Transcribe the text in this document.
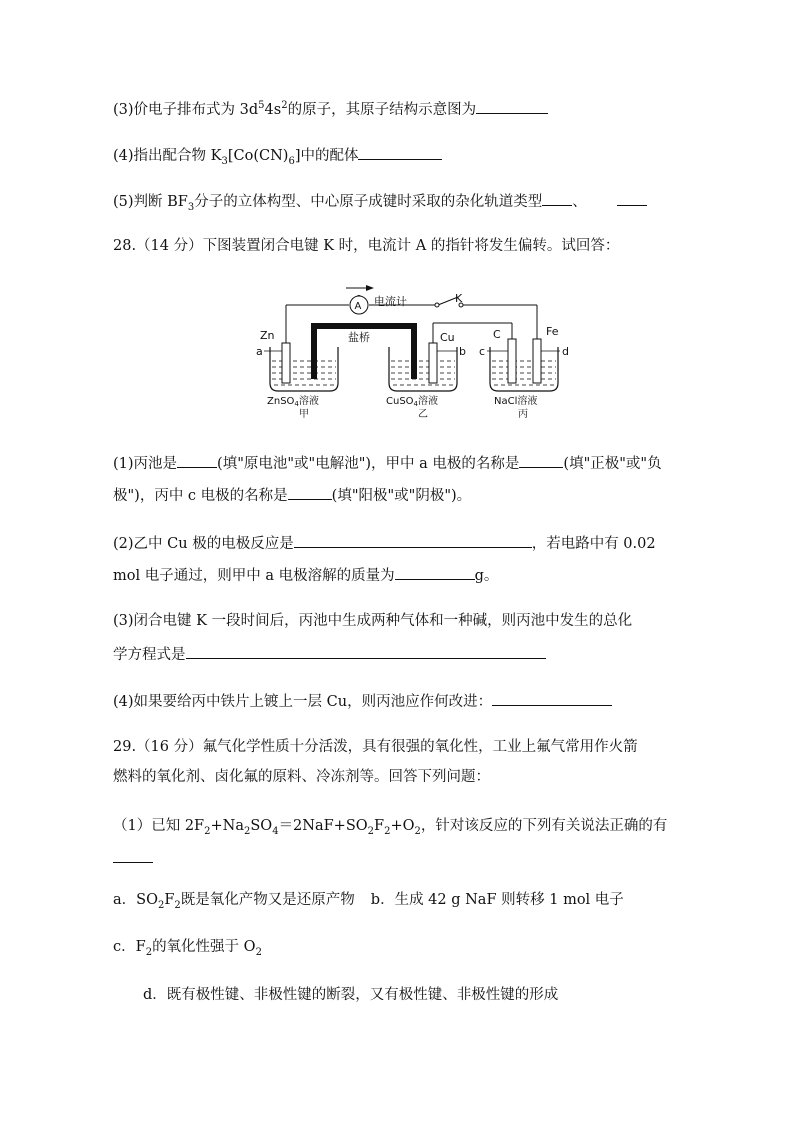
(3)价电子排布式为 $3d^54s^2$的原子，其原子结构示意图为
(4)指出配合物 $K_3[Co(CN)_6]$中的配体
(5)判断 $BF_3$分子的立体构型、中心原子成键时采取的杂化轨道类型 、
28.（14 分）下图装置闭合电键 K 时，电流计 A 的指针将发生偏转。试回答：
A 电流计	K
盐桥
Zn
a
Cu
b
C
c
Fe
d
ZnSO$_4$溶液
甲
CuSO$_4$溶液
乙
NaCl溶液
丙
(1)丙池是	(填"原电池"或"电解池")，甲中 a 电极的名称是	(填"正极"或"负
极")，丙中 c 电极的名称是	(填"阳极"或"阴极")。
(2)乙中 Cu 极的电极反应是	，若电路中有 0.02
mol 电子通过，则甲中 a 电极溶解的质量为	g。
(3)闭合电键 K 一段时间后，丙池中生成两种气体和一种碱，则丙池中发生的总化
学方程式是
(4)如果要给丙中铁片上镀上一层 Cu，则丙池应作何改进：
29.（16 分）氟气化学性质十分活泼，具有很强的氧化性，工业上氟气常用作火箭
燃料的氧化剂、卤化氟的原料、冷冻剂等。回答下列问题：
（1）已知 $2F_2+Na_2SO_4=2NaF+SO_2F_2+O_2$，针对该反应的下列有关说法正确的有
a．$SO_2F_2$既是氧化产物又是还原产物 b．生成 42 g NaF 则转移 1 mol 电子
c．$F_2$的氧化性强于 $O_2$
d．既有极性键、非极性键的断裂，又有极性键、非极性键的形成
